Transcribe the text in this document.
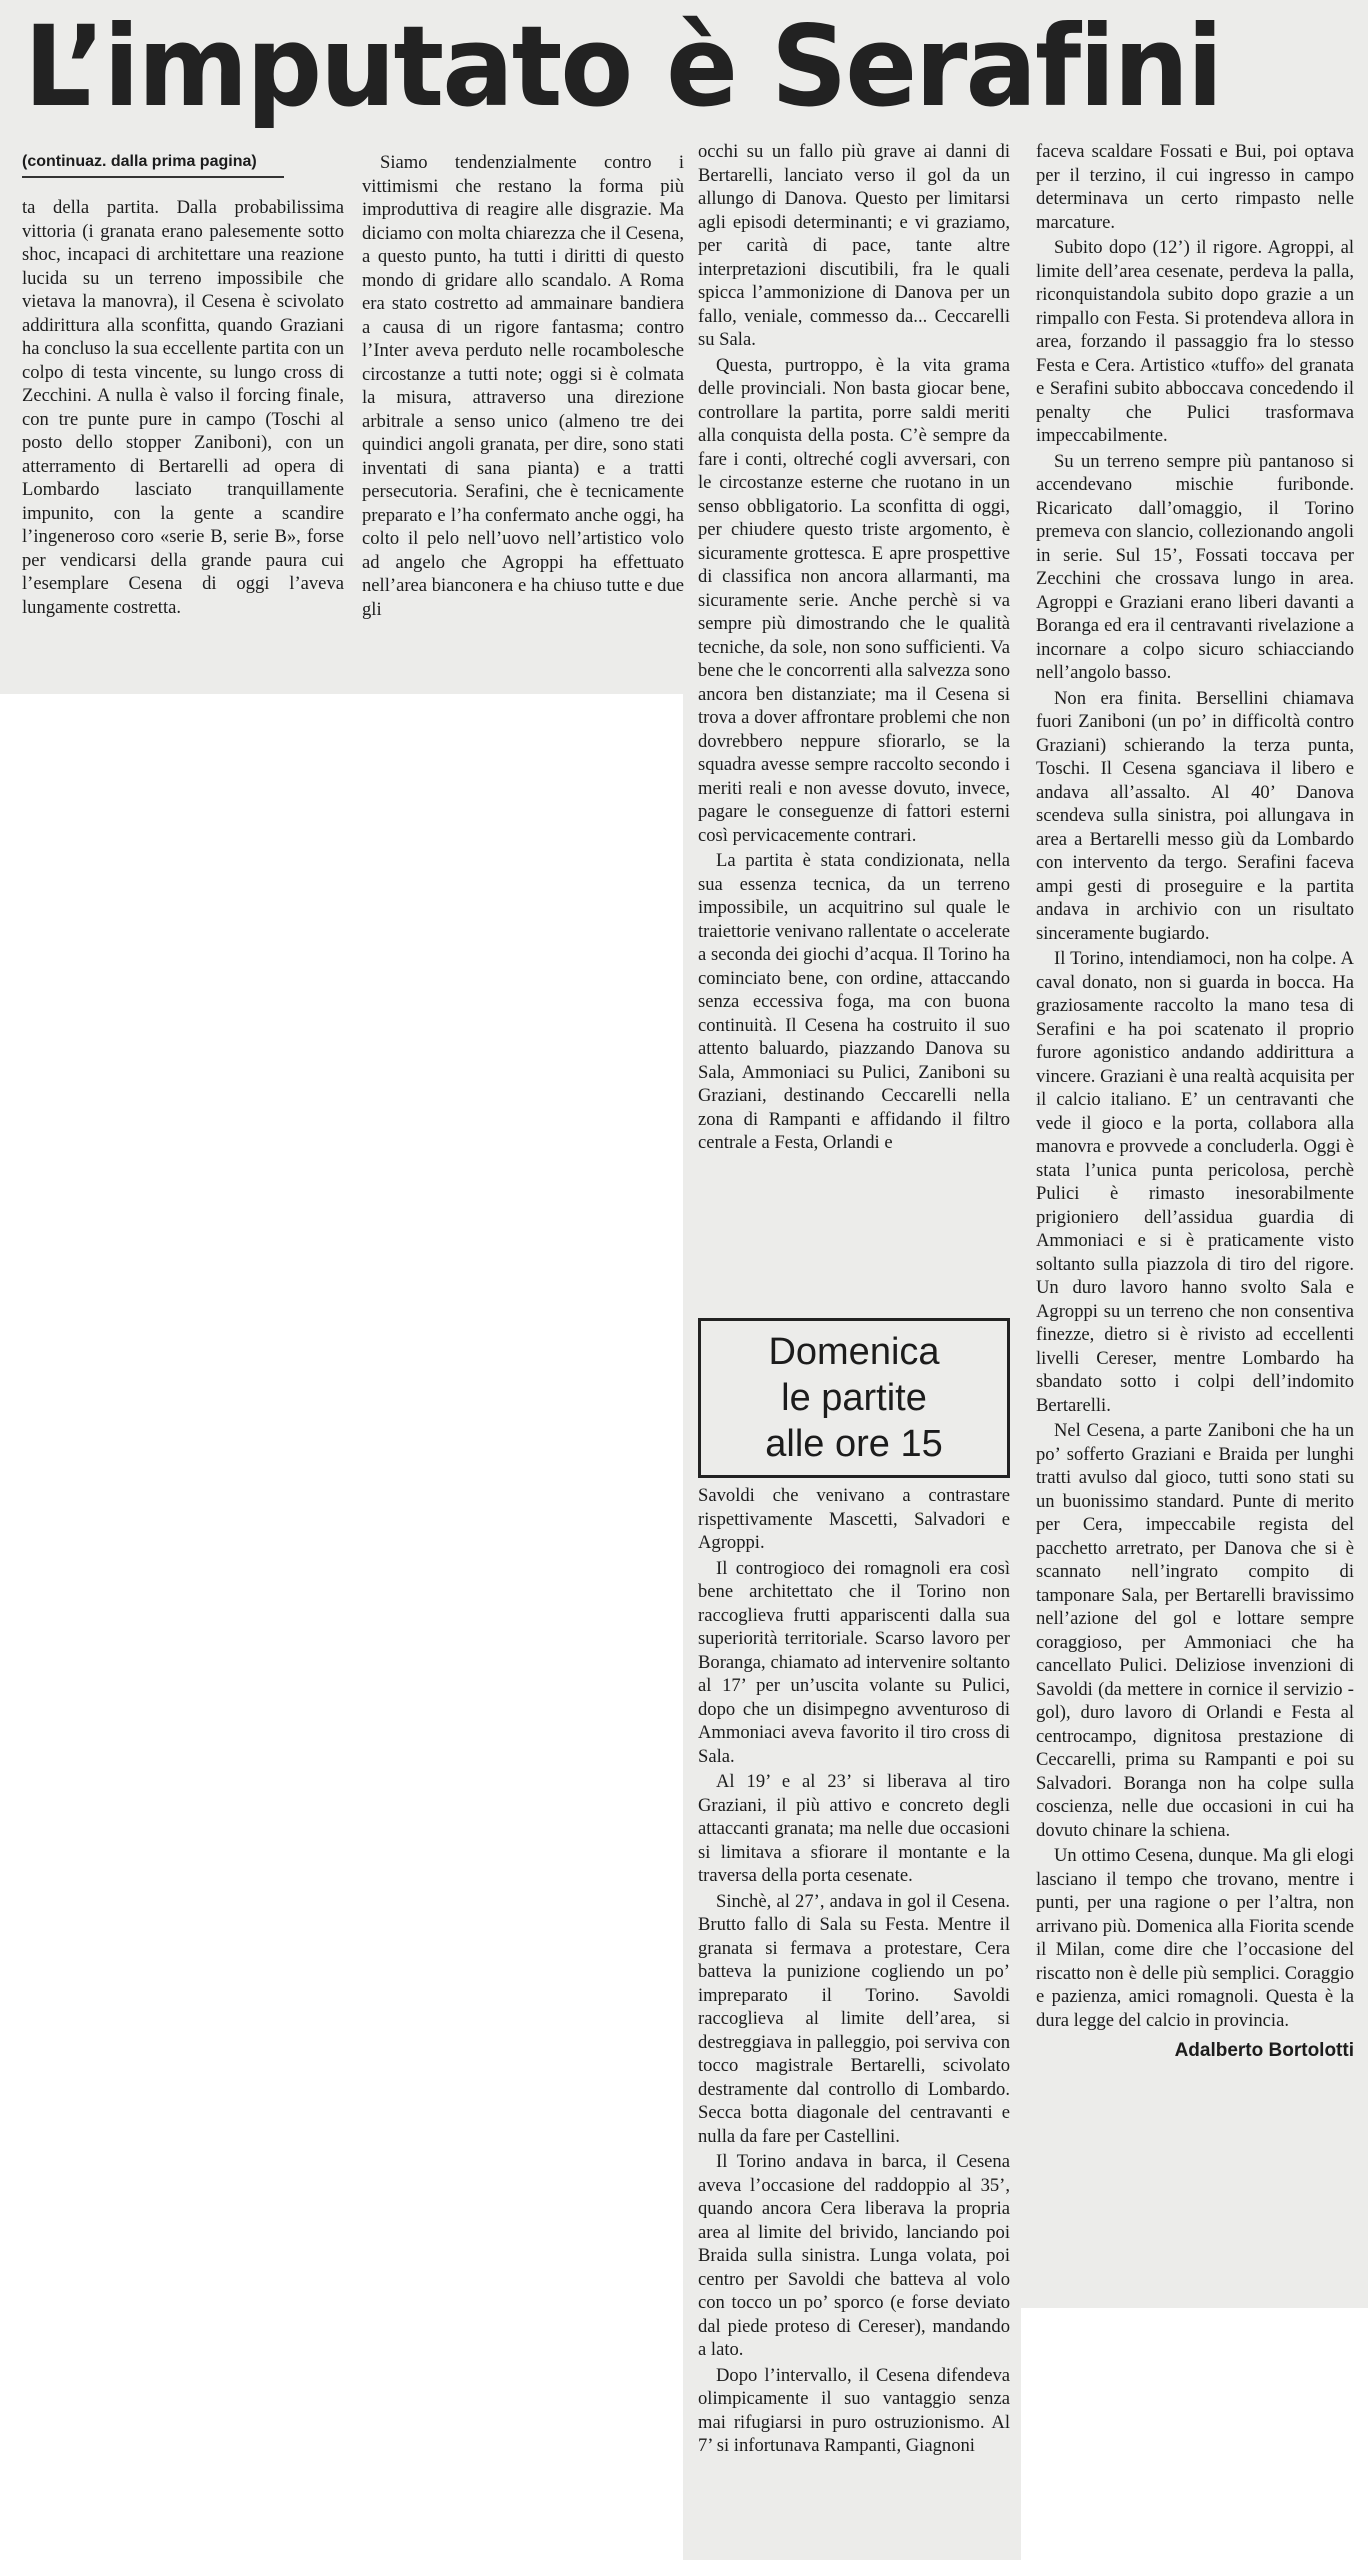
L’imputato è Serafini
(continuaz. dalla prima pagina)

ta della partita. Dalla probabilissima vittoria (i granata erano palesemente sotto shoc, incapaci di architettare una reazione lucida su un terreno impossibile che vietava la manovra), il Cesena è scivolato addirittura alla sconfitta, quando Graziani ha concluso la sua eccellente partita con un colpo di testa vincente, su lungo cross di Zecchini. A nulla è valso il forcing finale, con tre punte pure in campo (Toschi al posto dello stopper Zaniboni), con un atterramento di Bertarelli ad opera di Lombardo lasciato tranquillamente impunito, con la gente a scandire l’ingeneroso coro «serie B, serie B», forse per vendicarsi della grande paura cui l’esemplare Cesena di oggi l’aveva lungamente costretta.

Siamo tendenzialmente contro i vittimismi che restano la forma più improduttiva di reagire alle disgrazie. Ma diciamo con molta chiarezza che il Cesena, a questo punto, ha tutti i diritti di questo mondo di gridare allo scandalo. A Roma era stato costretto ad ammainare bandiera a causa di un rigore fantasma; contro l’Inter aveva perduto nelle rocambolesche circostanze a tutti note; oggi si è colmata la misura, attraverso una direzione arbitrale a senso unico (almeno tre dei quindici angoli granata, per dire, sono stati inventati di sana pianta) e a tratti persecutoria. Serafini, che è tecnicamente preparato e l’ha confermato anche oggi, ha colto il pelo nell’uovo nell’artistico volo ad angelo che Agroppi ha effettuato nell’area bianconera e ha chiuso tutte e due gli

occhi su un fallo più grave ai danni di Bertarelli, lanciato verso il gol da un allungo di Danova. Questo per limitarsi agli episodi determinanti; e vi graziamo, per carità di pace, tante altre interpretazioni discutibili, fra le quali spicca l’ammonizione di Danova per un fallo, veniale, commesso da... Ceccarelli su Sala.

Questa, purtroppo, è la vita grama delle provinciali. Non basta giocar bene, controllare la partita, porre saldi meriti alla conquista della posta. C’è sempre da fare i conti, oltreché cogli avversari, con le circostanze esterne che ruotano in un senso obbligatorio. La sconfitta di oggi, per chiudere questo triste argomento, è sicuramente grottesca. E apre prospettive di classifica non ancora allarmanti, ma sicuramente serie. Anche perchè si va sempre più dimostrando che le qualità tecniche, da sole, non sono sufficienti. Va bene che le concorrenti alla salvezza sono ancora ben distanziate; ma il Cesena si trova a dover affrontare problemi che non dovrebbero neppure sfiorarlo, se la squadra avesse sempre raccolto secondo i meriti reali e non avesse dovuto, invece, pagare le conseguenze di fattori esterni così pervicacemente contrari.

La partita è stata condizionata, nella sua essenza tecnica, da un terreno impossibile, un acquitrino sul quale le traiettorie venivano rallentate o accelerate a seconda dei giochi d’acqua. Il Torino ha cominciato bene, con ordine, attaccando senza eccessiva foga, ma con buona continuità. Il Cesena ha costruito il suo attento baluardo, piazzando Danova su Sala, Ammoniaci su Pulici, Zaniboni su Graziani, destinando Ceccarelli nella zona di Rampanti e affidando il filtro centrale a Festa, Orlandi e

Domenica
le partite
alle ore 15

Savoldi che venivano a contrastare rispettivamente Mascetti, Salvadori e Agroppi.

Il controgioco dei romagnoli era così bene architettato che il Torino non raccoglieva frutti appariscenti dalla sua superiorità territoriale. Scarso lavoro per Boranga, chiamato ad intervenire soltanto al 17’ per un’uscita volante su Pulici, dopo che un disimpegno avventuroso di Ammoniaci aveva favorito il tiro cross di Sala.

Al 19’ e al 23’ si liberava al tiro Graziani, il più attivo e concreto degli attaccanti granata; ma nelle due occasioni si limitava a sfiorare il montante e la traversa della porta cesenate.

Sinchè, al 27’, andava in gol il Cesena. Brutto fallo di Sala su Festa. Mentre il granata si fermava a protestare, Cera batteva la punizione cogliendo un po’ impreparato il Torino. Savoldi raccoglieva al limite dell’area, si destreggiava in palleggio, poi serviva con tocco magistrale Bertarelli, scivolato destramente dal controllo di Lombardo. Secca botta diagonale del centravanti e nulla da fare per Castellini.

Il Torino andava in barca, il Cesena aveva l’occasione del raddoppio al 35’, quando ancora Cera liberava la propria area al limite del brivido, lanciando poi Braida sulla sinistra. Lunga volata, poi centro per Savoldi che batteva al volo con tocco un po’ sporco (e forse deviato dal piede proteso di Cereser), mandando a lato.

Dopo l’intervallo, il Cesena difendeva olimpicamente il suo vantaggio senza mai rifugiarsi in puro ostruzionismo. Al 7’ si infortunava Rampanti, Giagnoni

faceva scaldare Fossati e Bui, poi optava per il terzino, il cui ingresso in campo determinava un certo rimpasto nelle marcature.

Subito dopo (12’) il rigore. Agroppi, al limite dell’area cesenate, perdeva la palla, riconquistandola subito dopo grazie a un rimpallo con Festa. Si protendeva allora in area, forzando il passaggio fra lo stesso Festa e Cera. Artistico «tuffo» del granata e Serafini subito abboccava concedendo il penalty che Pulici trasformava impeccabilmente.

Su un terreno sempre più pantanoso si accendevano mischie furibonde. Ricaricato dall’omaggio, il Torino premeva con slancio, collezionando angoli in serie. Sul 15’, Fossati toccava per Zecchini che crossava lungo in area. Agroppi e Graziani erano liberi davanti a Boranga ed era il centravanti rivelazione a incornare a colpo sicuro schiacciando nell’angolo basso.

Non era finita. Bersellini chiamava fuori Zaniboni (un po’ in difficoltà contro Graziani) schierando la terza punta, Toschi. Il Cesena sganciava il libero e andava all’assalto. Al 40’ Danova scendeva sulla sinistra, poi allungava in area a Bertarelli messo giù da Lombardo con intervento da tergo. Serafini faceva ampi gesti di proseguire e la partita andava in archivio con un risultato sinceramente bugiardo.

Il Torino, intendiamoci, non ha colpe. A caval donato, non si guarda in bocca. Ha graziosamente raccolto la mano tesa di Serafini e ha poi scatenato il proprio furore agonistico andando addirittura a vincere. Graziani è una realtà acquisita per il calcio italiano. E’ un centravanti che vede il gioco e la porta, collabora alla manovra e provvede a concluderla. Oggi è stata l’unica punta pericolosa, perchè Pulici è rimasto inesorabilmente prigioniero dell’assidua guardia di Ammoniaci e si è praticamente visto soltanto sulla piazzola di tiro del rigore. Un duro lavoro hanno svolto Sala e Agroppi su un terreno che non consentiva finezze, dietro si è rivisto ad eccellenti livelli Cereser, mentre Lombardo ha sbandato sotto i colpi dell’indomito Bertarelli.

Nel Cesena, a parte Zaniboni che ha un po’ sofferto Graziani e Braida per lunghi tratti avulso dal gioco, tutti sono stati su un buonissimo standard. Punte di merito per Cera, impeccabile regista del pacchetto arretrato, per Danova che si è scannato nell’ingrato compito di tamponare Sala, per Bertarelli bravissimo nell’azione del gol e lottare sempre coraggioso, per Ammoniaci che ha cancellato Pulici. Deliziose invenzioni di Savoldi (da mettere in cornice il servizio - gol), duro lavoro di Orlandi e Festa al centrocampo, dignitosa prestazione di Ceccarelli, prima su Rampanti e poi su Salvadori. Boranga non ha colpe sulla coscienza, nelle due occasioni in cui ha dovuto chinare la schiena.

Un ottimo Cesena, dunque. Ma gli elogi lasciano il tempo che trovano, mentre i punti, per una ragione o per l’altra, non arrivano più. Domenica alla Fiorita scende il Milan, come dire che l’occasione del riscatto non è delle più semplici. Coraggio e pazienza, amici romagnoli. Questa è la dura legge del calcio in provincia.

Adalberto Bortolotti
